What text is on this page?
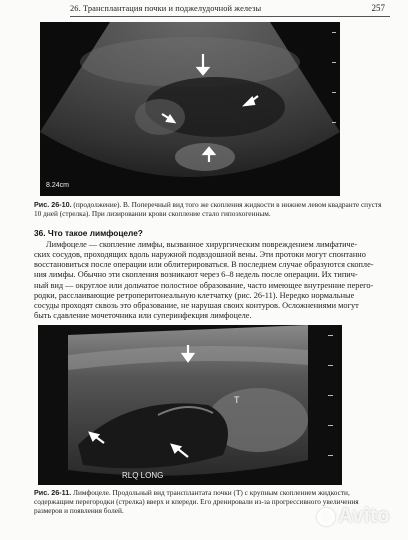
26. Трансплантация почки и поджелудочной железы	257
8.24cm
Рис. 26-10. (продолжение). В. Поперечный вид того же скопления жидкости в нижнем левом квадранте спустя 10 дней (стрелка). При лизировании крови скопление стало гипоэхогенным.
36. Что такое лимфоцеле?

Лимфоцеле — скопление лимфы, вызванное хирургическим повреждением лимфатиче-
ских сосудов, проходящих вдоль наружной подвздошной вены. Эти протоки могут спонтанно
восстановиться после операции или облитерироваться. В последнем случае образуются скопле-
ния лимфы. Обычно эти скопления возникают через 6–8 недель после операции. Их типич-
ный вид — округлое или дольчатое полостное образование, часто имеющее внутренние перего-
родки, расслаивающие ретроперитонеальную клетчатку (рис. 26-11). Нередко нормальные
сосуды проходят сквозь это образование, не нарушая своих контуров. Осложнениями могут
быть сдавление мочеточника или суперинфекция лимфоцеле.

T
RLQ LONG
Рис. 26-11. Лимфоцеле. Продольный вид трансплантата почки (T) с крупным скоплением жидкости, содержащим перегородки (стрелка) вверх и кпереди. Его дренировали из-за прогрессивного увеличения размеров и появления болей.	Avito
